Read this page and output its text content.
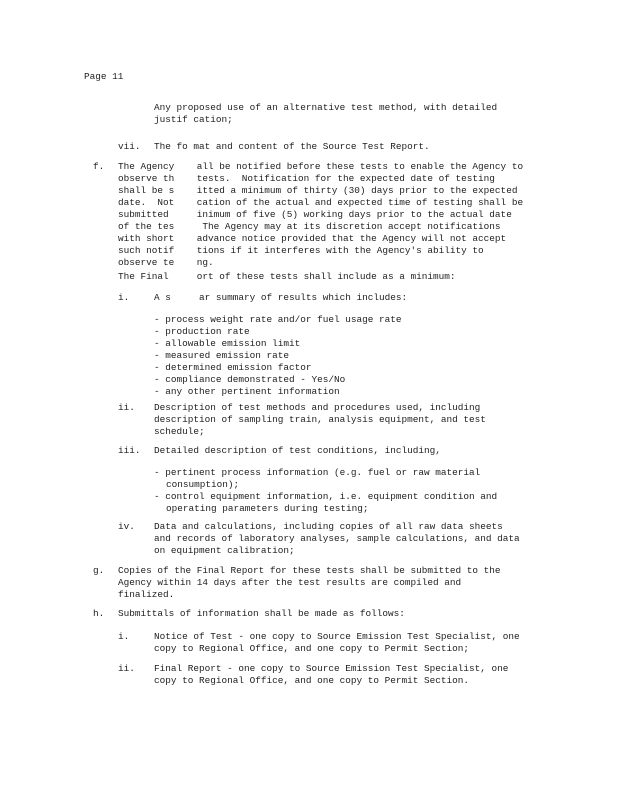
Page 11
Any proposed use of an alternative test method, with detailed justif cation;
vii. The fo mat and content of the Source Test Report.
f. The Agency    all be notified before these tests to enable the Agency to
observe th    tests.  Notification for the expected date of testing
shall be s    itted a minimum of thirty (30) days prior to the expected
date.  Not    cation of the actual and expected time of testing shall be
submitted     inimum of five (5) working days prior to the actual date
of the tes     The Agency may at its discretion accept notifications
with short    advance notice provided that the Agency will not accept
such notif    tions if it interferes with the Agency's ability to
observe te    ng.
The Final     ort of these tests shall include as a minimum:
i.	A s     ar summary of results which includes:
- process weight rate and/or fuel usage rate
- production rate
- allowable emission limit
- measured emission rate
- determined emission factor
- compliance demonstrated - Yes/No
- any other pertinent information
ii. Description of test methods and procedures used, including
description of sampling train, analysis equipment, and test
schedule;
iii. Detailed description of test conditions, including,
- pertinent process information (e.g. fuel or raw material
consumption);
- control equipment information, i.e. equipment condition and
operating parameters during testing;
iv. Data and calculations, including copies of all raw data sheets
and records of laboratory analyses, sample calculations, and data
on equipment calibration;
g. Copies of the Final Report for these tests shall be submitted to the
Agency within 14 days after the test results are compiled and
finalized.
h. Submittals of information shall be made as follows:
i.	Notice of Test - one copy to Source Emission Test Specialist, one
copy to Regional Office, and one copy to Permit Section;
ii. Final Report - one copy to Source Emission Test Specialist, one
copy to Regional Office, and one copy to Permit Section.
